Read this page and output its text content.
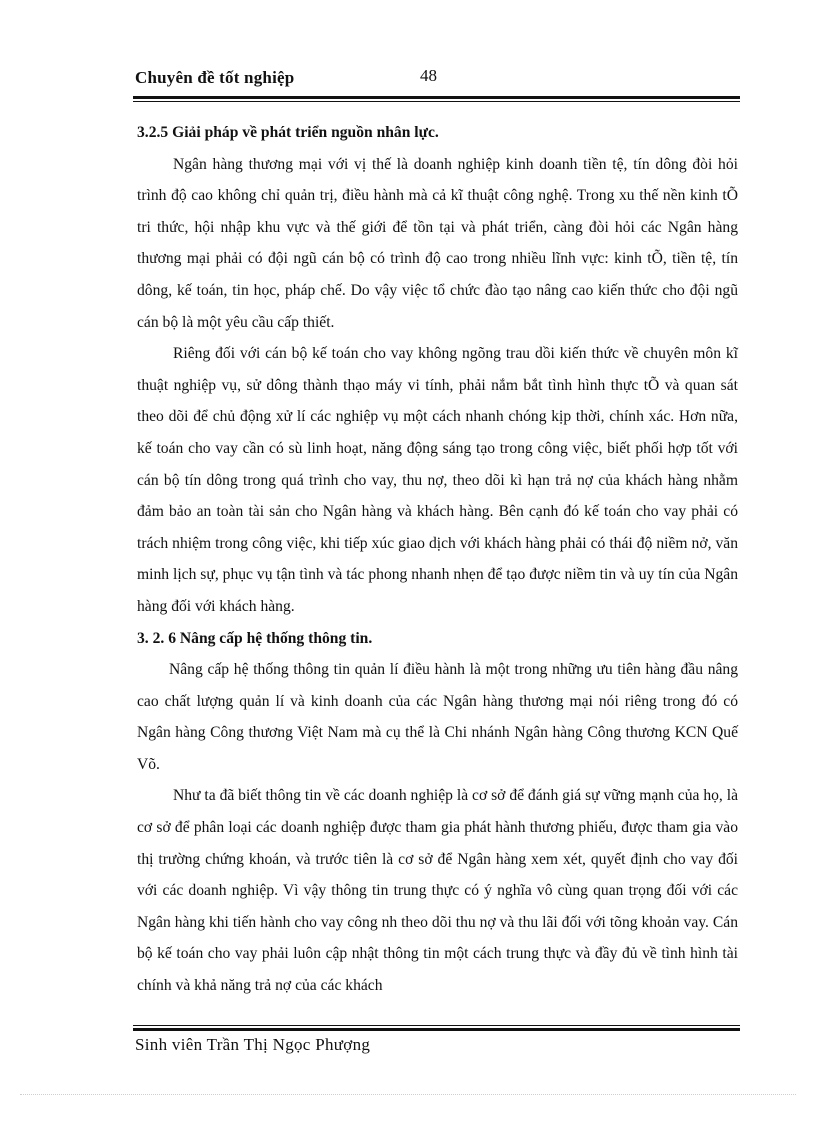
Chuyên đề tốt nghiệp	48
3.2.5 Giải pháp về phát triển nguồn nhân lực.

Ngân hàng thương mại với vị thế là doanh nghiệp kinh doanh tiền tệ, tín dông đòi hỏi trình độ cao không chỉ quản trị, điều hành mà cả kĩ thuật công nghệ. Trong xu thế nền kinh tÕ tri thức, hội nhập khu vực và thế giới để tồn tại và phát triển, càng đòi hỏi các Ngân hàng thương mại phải có đội ngũ cán bộ có trình độ cao trong nhiều lĩnh vực: kinh tÕ, tiền tệ, tín dông, kế toán, tin học, pháp chế. Do vậy việc tổ chức đào tạo nâng cao kiến thức cho đội ngũ cán bộ là một yêu cầu cấp thiết.

Riêng đối với cán bộ kế toán cho vay không ngõng trau dồi kiến thức về chuyên môn kĩ thuật nghiệp vụ, sử dông thành thạo máy vi tính, phải nắm bắt tình hình thực tÕ và quan sát theo dõi để chủ động xử lí các nghiệp vụ một cách nhanh chóng kịp thời, chính xác. Hơn nữa, kế toán cho vay cần có sù linh hoạt, năng động sáng tạo trong công việc, biết phối hợp tốt với cán bộ tín dông trong quá trình cho vay, thu nợ, theo dõi kì hạn trả nợ của khách hàng nhằm đảm bảo an toàn tài sản cho Ngân hàng và khách hàng. Bên cạnh đó kế toán cho vay phải có trách nhiệm trong công việc, khi tiếp xúc giao dịch với khách hàng phải có thái độ niềm nở, văn minh lịch sự, phục vụ tận tình và tác phong nhanh nhẹn để tạo được niềm tin và uy tín của Ngân hàng đối với khách hàng.

3. 2. 6 Nâng cấp hệ thống thông tin.

Nâng cấp hệ thống thông tin quản lí điều hành là một trong những ưu tiên hàng đầu nâng cao chất lượng quản lí và kinh doanh của các Ngân hàng thương mại nói riêng trong đó có Ngân hàng Công thương Việt Nam mà cụ thể là Chi nhánh Ngân hàng Công thương KCN Quế Võ.

Như ta đã biết thông tin về các doanh nghiệp là cơ sở để đánh giá sự vững mạnh của họ, là cơ sở để phân loại các doanh nghiệp được tham gia phát hành thương phiếu, được tham gia vào thị trường chứng khoán, và trước tiên là cơ sở để Ngân hàng xem xét, quyết định cho vay đối với các doanh nghiệp. Vì vậy thông tin trung thực có ý nghĩa vô cùng quan trọng đối với các Ngân hàng khi tiến hành cho vay công nh theo dõi thu nợ và thu lãi đối với tõng khoản vay. Cán bộ kế toán cho vay phải luôn cập nhật thông tin một cách trung thực và đầy đủ về tình hình tài chính và khả năng trả nợ của các khách

Sinh viên Trần Thị Ngọc Phượng
